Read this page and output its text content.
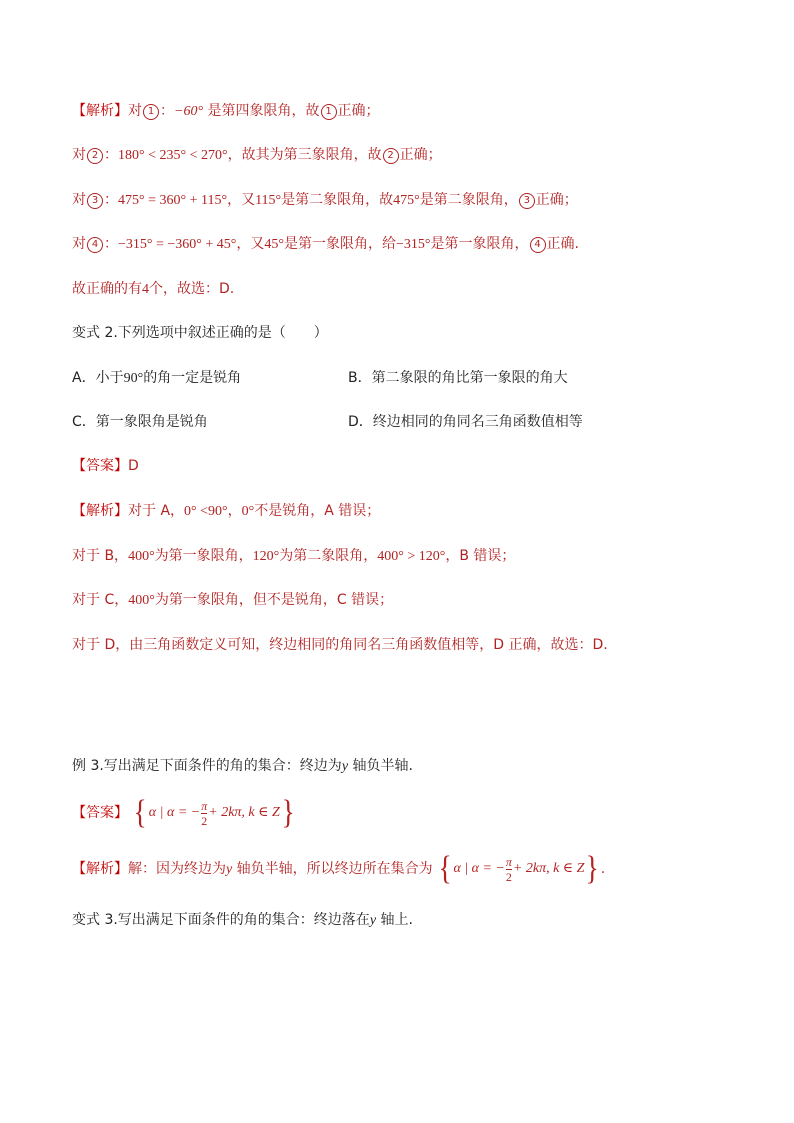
【解析】对 1 ：−60° 是第四象限角，故 1 正确；
对 2 ：180° < 235° < 270°，故其为第三象限角，故 2 正确；
对 3 ：475° = 360° + 115°，又115°是第二象限角，故475°是第二象限角， 3 正确；
对 4 ：−315° = −360° + 45°，又45°是第一象限角，给−315°是第一象限角， 4 正确.
故正确的有4个，故选：D.
变式 2.下列选项中叙述正确的是（　　）
A．小于90°的角一定是锐角	B．第二象限的角比第一象限的角大
C．第一象限角是锐角	D．终边相同的角同名三角函数值相等
【答案】D
【解析】对于 A，0° <90°，0°不是锐角，A 错误；
对于 B，400°为第一象限角，120°为第二象限角，400° > 120°，B 错误；
对于 C，400°为第一象限角，但不是锐角，C 错误；
对于 D，由三角函数定义可知，终边相同的角同名三角函数值相等，D 正确，故选：D.
例 3.写出满足下面条件的角的集合：终边为y 轴负半轴.
【答案】 { α | α = − $\frac{\pi}{2} + 2k\pi$, k ∈ Z }
【解析】解：因为终边为y 轴负半轴，所以终边所在集合为 { α | α = − $\frac{\pi}{2} + 2k\pi$, k ∈ Z } .
变式 3.写出满足下面条件的角的集合：终边落在y 轴上.
